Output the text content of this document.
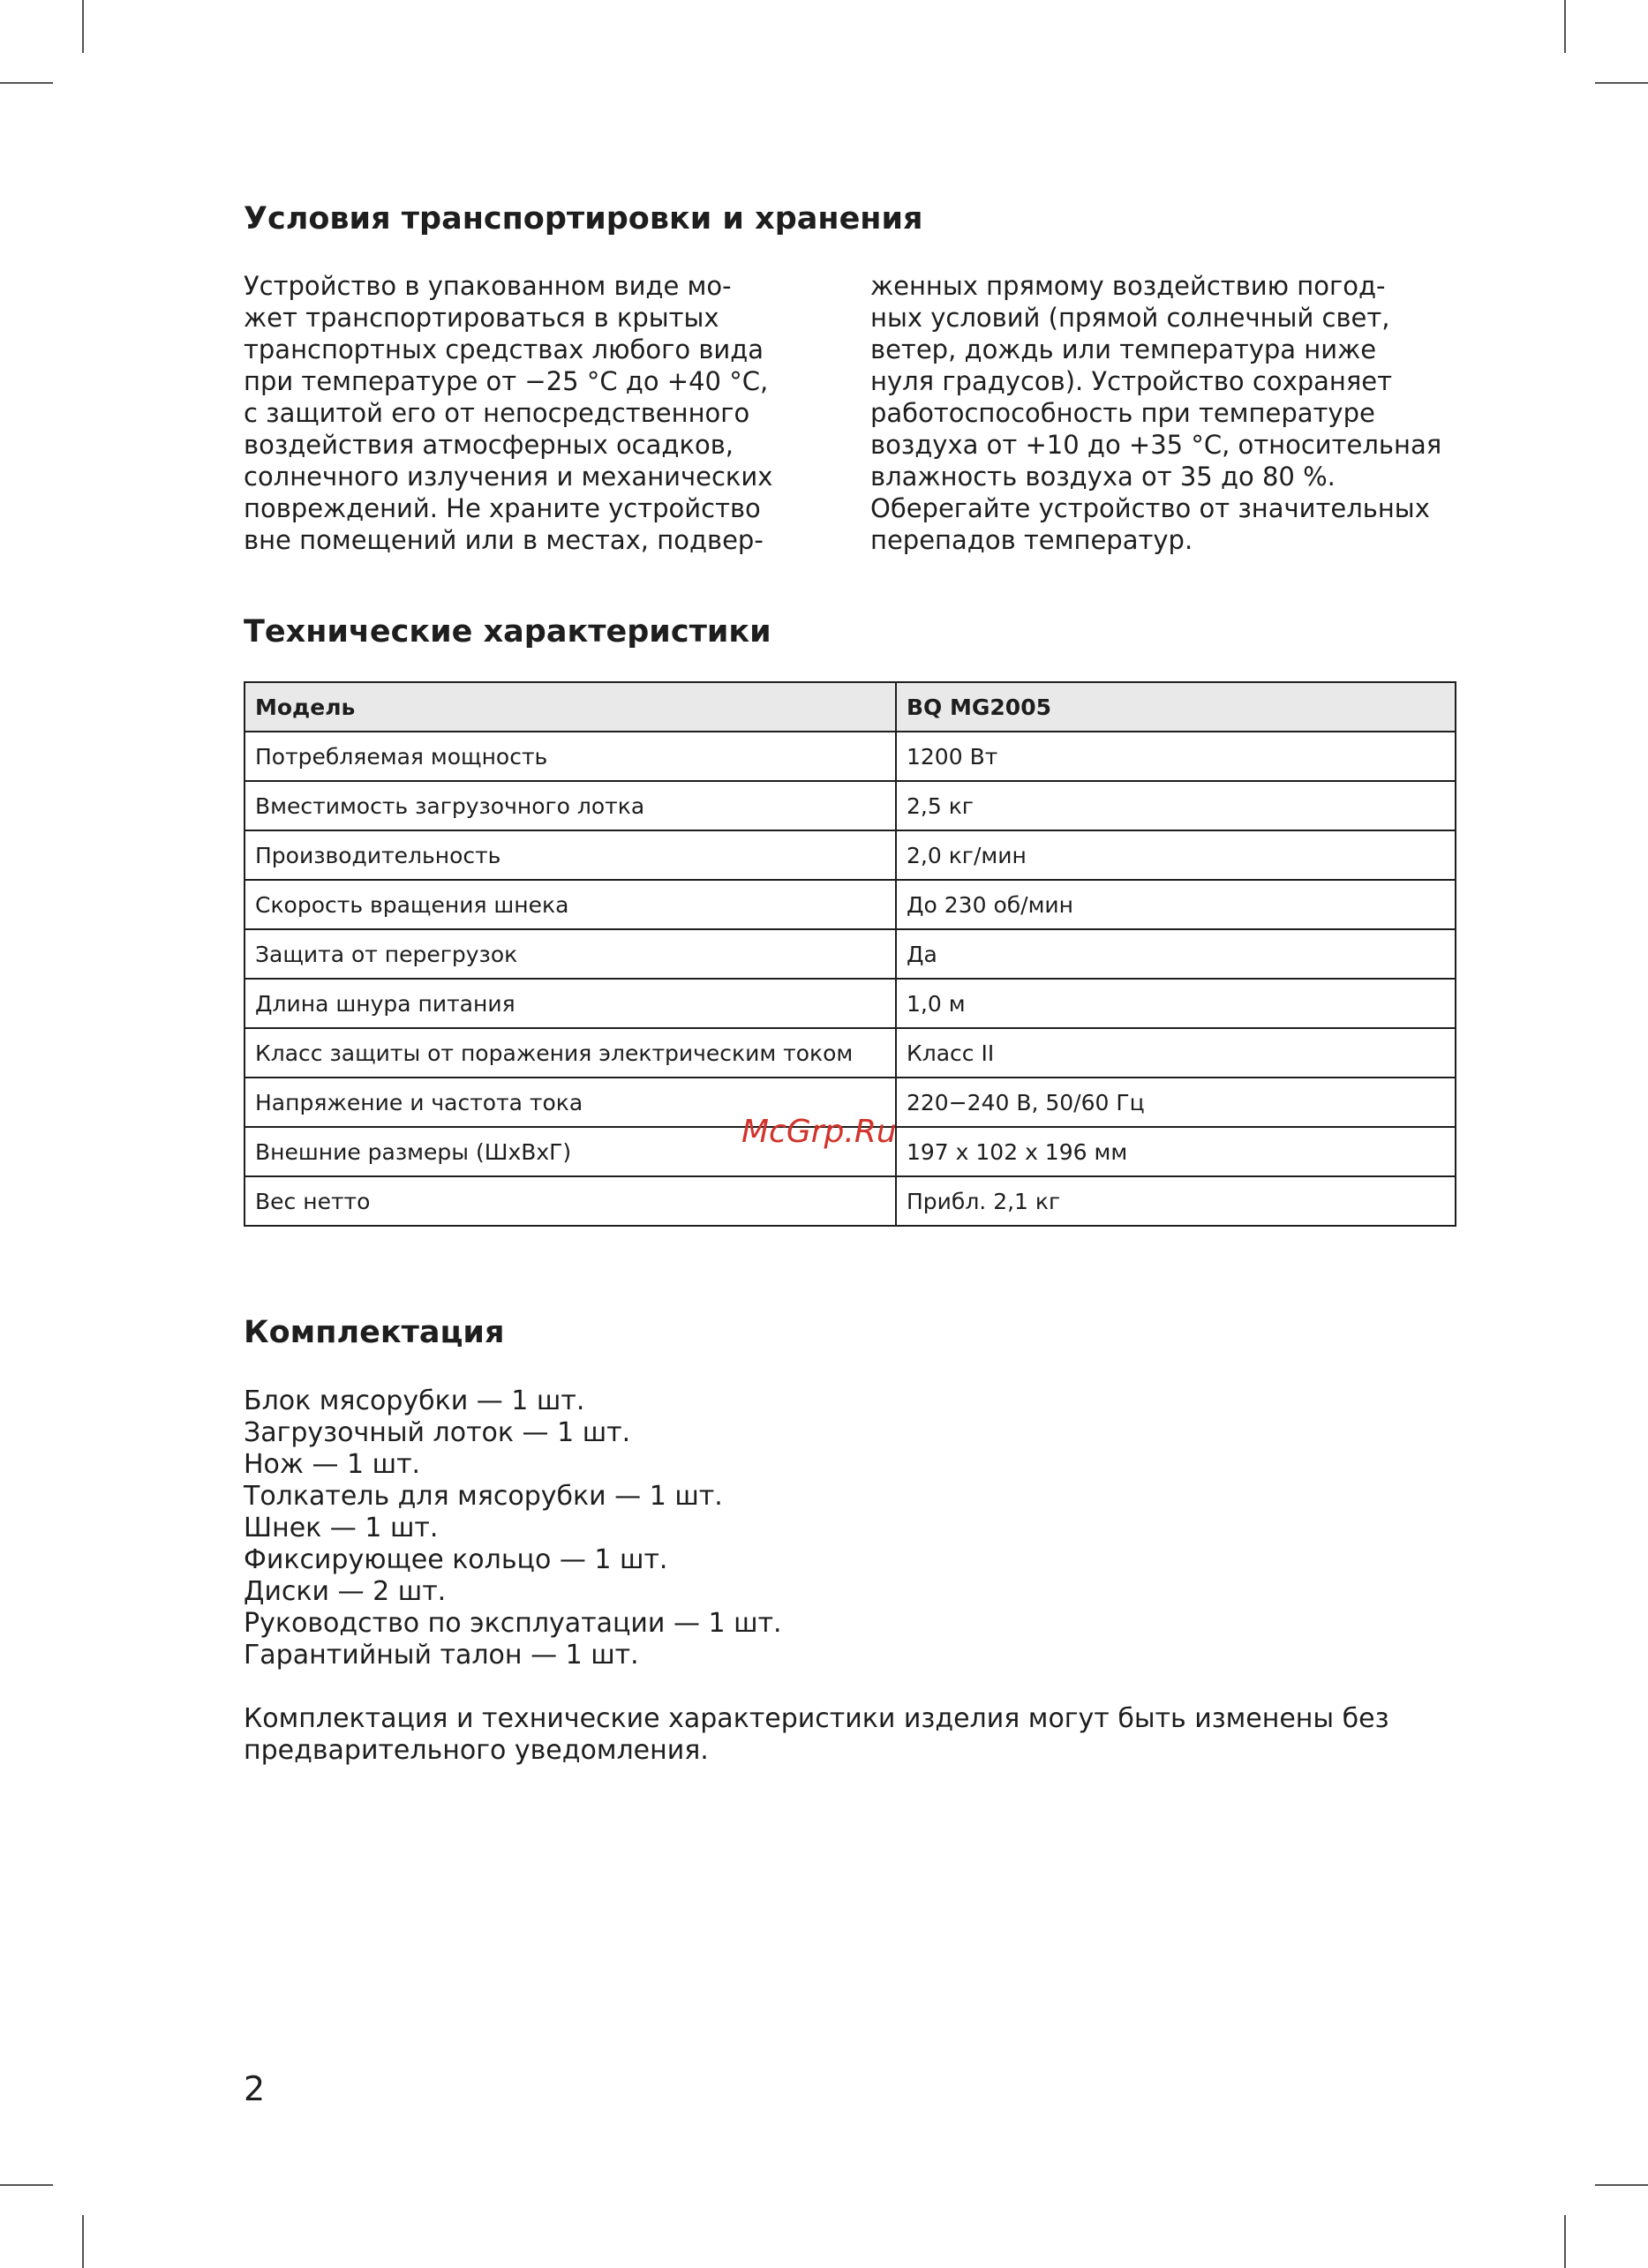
Условия транспортировки и хранения
Устройство в упакованном виде мо-
жет транспортироваться в крытых
транспортных средствах любого вида
при температуре от −25 °С до +40 °С,
с защитой его от непосредственного
воздействия атмосферных осадков,
солнечного излучения и механических
повреждений. Не храните устройство
вне помещений или в местах, подвер-
женных прямому воздействию погод-
ных условий (прямой солнечный свет,
ветер, дождь или температура ниже
нуля градусов). Устройство сохраняет
работоспособность при температуре
воздуха от +10 до +35 °С, относительная
влажность воздуха от 35 до 80 %.
Оберегайте устройство от значительных
перепадов температур.
Технические характеристики
Модель	BQ MG2005
Потребляемая мощность	1200 Вт
Вместимость загрузочного лотка	2,5 кг
Производительность	2,0 кг/мин
Скорость вращения шнека	До 230 об/мин
Защита от перегрузок	Да
Длина шнура питания	1,0 м
Класс защиты от поражения электрическим током	Класс II
Напряжение и частота тока	220−240 В, 50/60 Гц
Внешние размеры (ШхВхГ)	197 x 102 x 196 мм
Вес нетто	Прибл. 2,1 кг
Комплектация
Блок мясорубки — 1 шт.
Загрузочный лоток — 1 шт.
Нож — 1 шт.
Толкатель для мясорубки — 1 шт.
Шнек — 1 шт.
Фиксирующее кольцо — 1 шт.
Диски — 2 шт.
Руководство по эксплуатации — 1 шт.
Гарантийный талон — 1 шт.
Комплектация и технические характеристики изделия могут быть изменены без
предварительного уведомления.
2
McGrp.Ru
